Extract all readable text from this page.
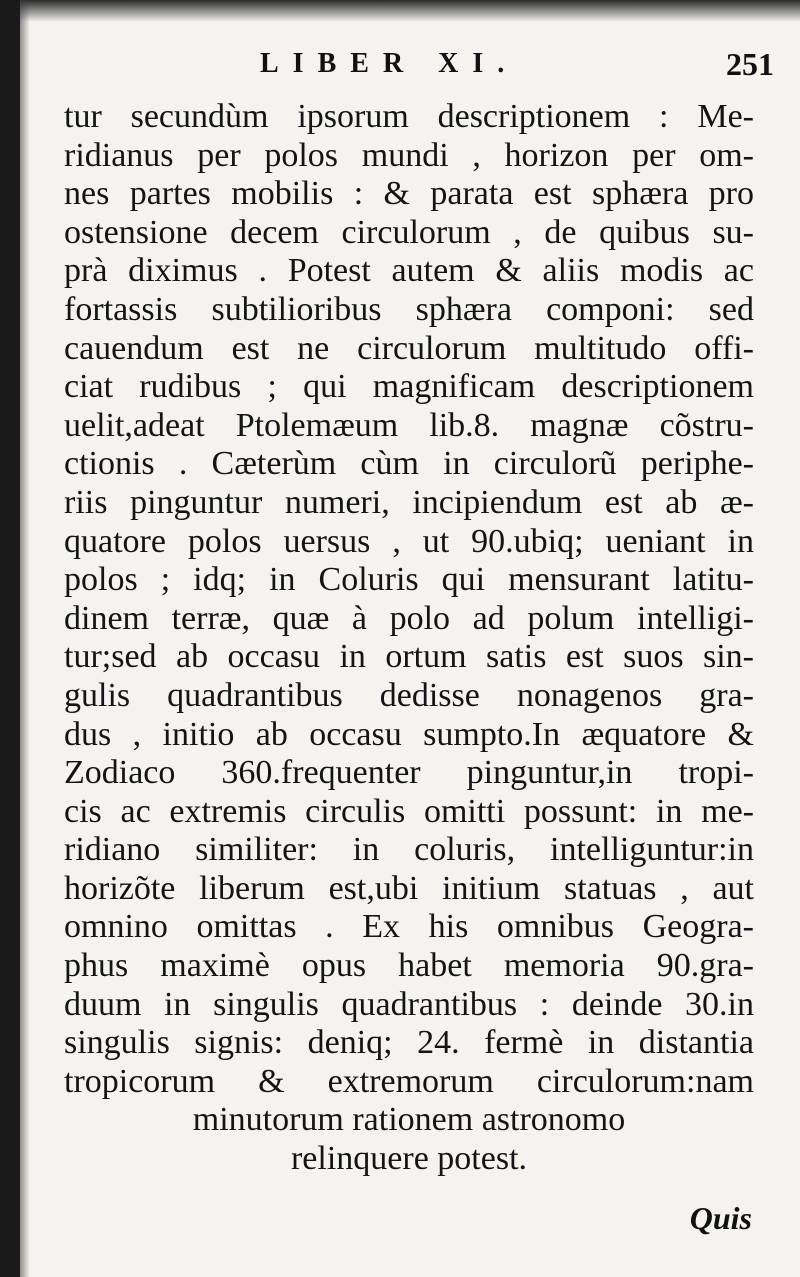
LIBER XI.	251
tur secundùm ipsorum descriptionem : Me-
ridianus per polos mundi , horizon per om-
nes partes mobilis : & parata est sphæra pro
ostensione decem circulorum , de quibus su-
prà diximus . Potest autem & aliis modis ac
fortassis subtilioribus sphæra componi: sed
cauendum est ne circulorum multitudo offi-
ciat rudibus ; qui magnificam descriptionem
uelit,adeat Ptolemæum lib.8. magnæ cõstru-
ctionis . Cæterùm cùm in circulorũ periphe-
riis pinguntur numeri, incipiendum est ab æ-
quatore polos uersus , ut 90.ubiq; ueniant in
polos ; idq; in Coluris qui mensurant latitu-
dinem terræ, quæ à polo ad polum intelligi-
tur;sed ab occasu in ortum satis est suos sin-
gulis quadrantibus dedisse nonagenos gra-
dus , initio ab occasu sumpto.In æquatore &
Zodiaco 360.frequenter pinguntur,in tropi-
cis ac extremis circulis omitti possunt: in me-
ridiano similiter: in coluris, intelliguntur:in
horizõte liberum est,ubi initium statuas , aut
omnino omittas . Ex his omnibus Geogra-
phus maximè opus habet memoria 90.gra-
duum in singulis quadrantibus : deinde 30.in
singulis signis: deniq; 24. fermè in distantia
tropicorum & extremorum circulorum:nam
minutorum rationem astronomo
relinquere potest.
Quis
